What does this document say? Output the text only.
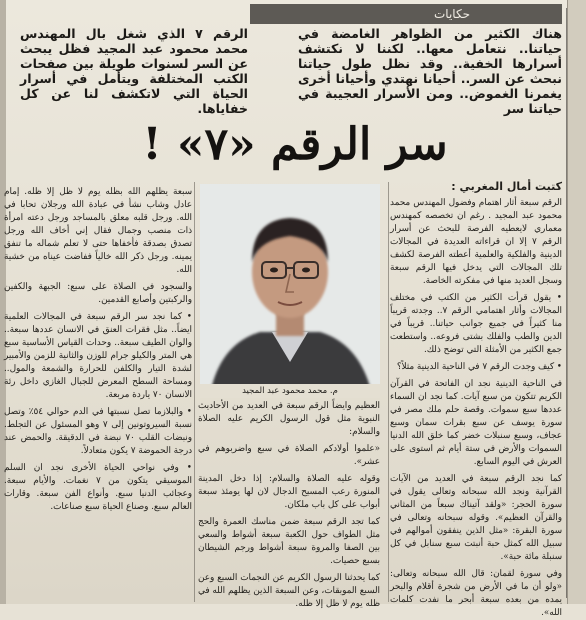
حكايات
هناك الكثير من الظواهر الغامضة في حياتنا.. نتعامل معها.. لكننا لا نكتشف أسرارها الخفية.. وقد نظل طول حياتنا نبحث عن السر.. أحيانا نهتدي وأحيانا أخرى يغمرنا الغموض.. ومن الأسرار العجيبة في حياتنا سر
الرقم ٧ الذي شغل بال المهندس محمد محمود عبد المجيد فظل يبحث عن السر لسنوات طويلة بين صفحات الكتب المختلفة ويتأمل في أسرار الحياة التي لاتكشف لنا عن كل خفاياها.
سر الرقم «٧» !
كتبت أمال المغربي :

الرقم سبعة أثار اهتمام وفضول المهندس محمد محمود عبد المجيد . رغم ان تخصصه كمهندس معماري لايعطيه الفرصة للبحث عن أسرار الرقم ٧ إلا ان قراءاته العديدة في المجالات الدينية والفلكية والعلمية أعطته الفرصة لكشف تلك المجالات التي يدخل فيها الرقم سبعة وسجل العديد منها في مفكرته الخاصة.

• يقول قرأت الكثير من الكتب في مختلف المجالات وأثار اهتمامي الرقم ٧.. وجدته قريباً منا كثيراً في جميع جوانب حياتنا.. قريباً في الدين والطب والفلك بشتى فروعه.. واستطعت جمع الكثير من الأمثلة التي توضح ذلك.

• كيف وجدت الرقم ٧ في الناحية الدينية مثلاً؟

في الناحية الدينية نجد ان الفاتحة في القرآن الكريم تتكون من سبع آيات. كما نجد ان السماء عددها سبع سموات. وقصة حلم ملك مصر في سورة يوسف عن سبع بقرات سمان وسبع عجاف، وسبع سنبلات خضر كما خلق الله الدنيا السموات والأرض في ستة أيام ثم استوى على العرش في اليوم السابع.

كما نجد الرقم سبعة في العديد من الآيات القرآنية ونجد الله سبحانه وتعالى يقول في سورة الحجر: «ولقد آتيناك سبعاً من المثاني والقرآن العظيم». وقوله سبحانه وتعالى في سورة البقرة: «مثل الذين ينفقون أموالهم في سبيل الله كمثل حبة أنبتت سبع سنابل في كل سنبلة مائة حبة».

وفي سورة لقمان: قال الله سبحانه وتعالى: «ولو أن ما في الأرض من شجرة أقلام والبحر يمده من بعده سبعة أبحر ما نفدت كلمات الله».

م. محمد محمود عبد المجيد

العظيم وايضاً الرقم سبعة في العديد من الأحاديث النبوية مثل قول الرسول الكريم عليه الصلاة والسلام:

«علموا أولادكم الصلاة في سبع واضربوهم في عشر».

وقوله عليه الصلاة والسلام: إذا دخل المدينة المنورة رعب المسيح الدجال لان لها يومئذ سبعة أبواب على كل باب ملكان.

كما تجد الرقم سبعة ضمن مناسك العمرة والحج مثل الطواف حول الكعبة سبعة أشواط والسعي بين الصفا والمروة سبعة أشواط ورجم الشيطان بسبع حصيات.

كما يحدثنا الرسول الكريم عن النجمات السبع وعن السبع الموبقات، وعن السبعة الذين يظلهم الله في ظله يوم لا ظل إلا ظله.

سبعة يظلهم الله بظله يوم لا ظل إلا ظله. إمام عادل وشاب نشأ في عبادة الله ورجلان تحابا في الله. ورجل قلبه معلق بالمساجد ورجل دعته امرأة ذات منصب وجمال فقال إني أخاف الله ورجل تصدق بصدقة فأخفاها حتى لا تعلم شماله ما تنفق يمينه. ورجل ذكر الله خالياً ففاضت عيناه من خشية الله.

والسجود في الصلاة على سبع: الجبهة والكفين والركبتين وأصابع القدمين.

• كما نجد سر الرقم سبعة في المجالات العلمية ايضاً.. مثل فقرات العنق في الانسان عددها سبعة.. والوان الطيف سبعة.. وحدات القياس الأساسية سبع هي المتر والكيلو جرام للوزن والثانية للزمن والأمبير لشدة التيار والكلفن للحرارة والشمعة والمول.. ومساحة السطح المعرض للجبال الغازي داخل رئة الانسان ٧٠ ياردة مربعة.

• والبلازما تصل نسبتها في الدم حوالي ٥٤٪ وتصل نسبة السيروتونين إلى ٧ وهو المسئول عن التجلط. ونبضات القلب ٧٠ نبضة في الدقيقة. والحمض عند درجة الحموضة ٧ يكون متعادلاً.

• وفي نواحي الحياة الأخرى نجد ان السلم الموسيقي يتكون من ٧ نغمات. والأيام سبعة. وعجائب الدنيا سبع. وأنواع الفن سبعة. وقارات العالم سبع. وصناع الحياة سبع صناعات.
